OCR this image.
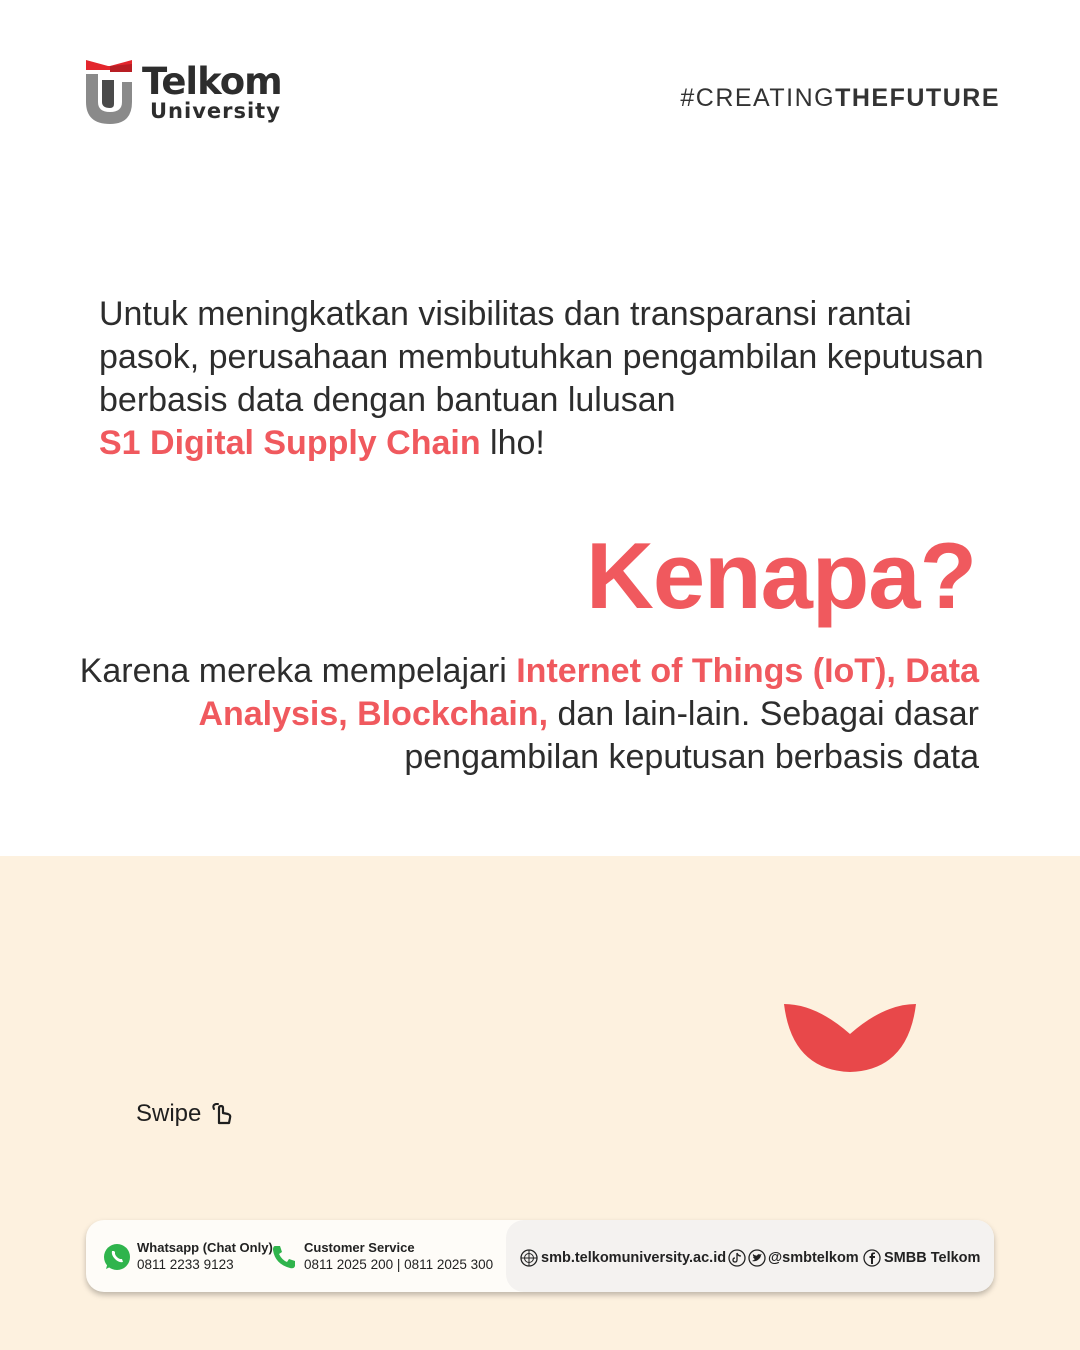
Telkom
University	#CREATINGTHEFUTURE
Untuk meningkatkan visibilitas dan transparansi rantai pasok, perusahaan membutuhkan pengambilan keputusan berbasis data dengan bantuan lulusan
S1 Digital Supply Chain lho!
Kenapa?
Karena mereka mempelajari Internet of Things (IoT), Data Analysis, Blockchain, dan lain-lain. Sebagai dasar pengambilan keputusan berbasis data
Swipe
Whatsapp (Chat Only)
0811 2233 9123
Customer Service
0811 2025 200 | 0811 2025 300	smb.telkomuniversity.ac.id	@smbtelkom SMBB Telkom
